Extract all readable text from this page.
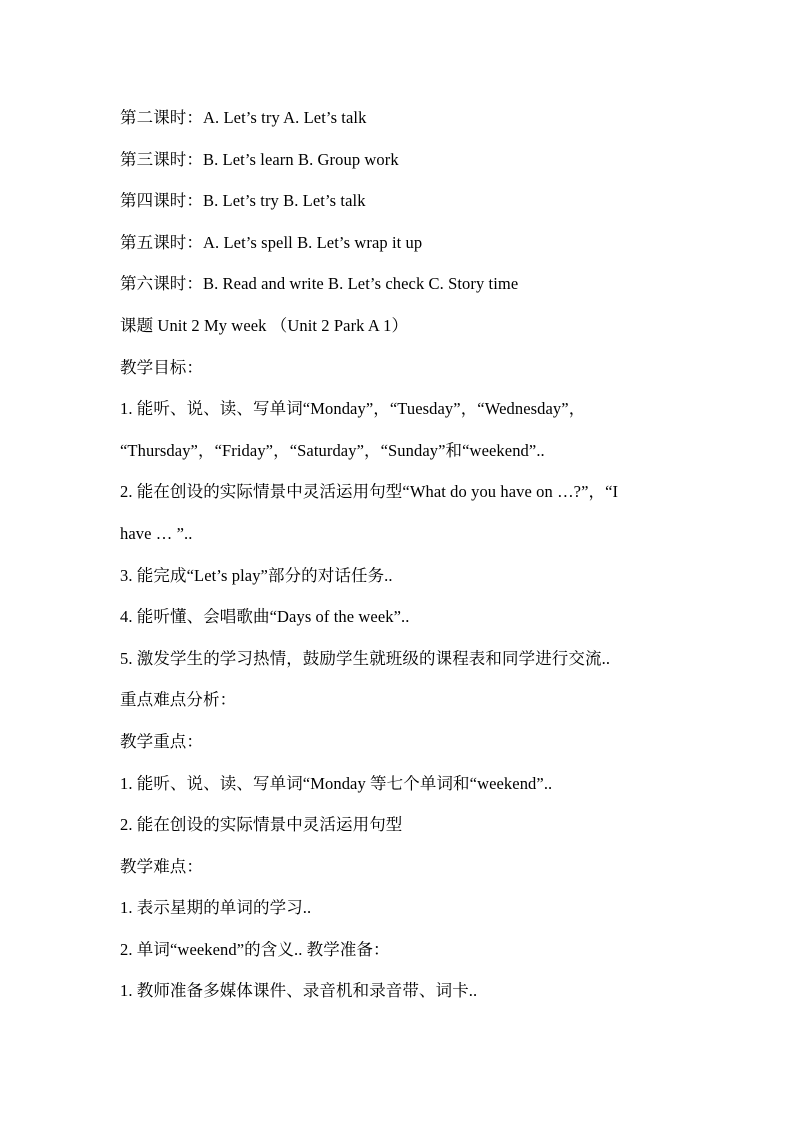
第二课时：A. Let’s try A. Let’s talk
第三课时：B. Let’s learn B. Group work
第四课时：B. Let’s try B. Let’s talk
第五课时：A. Let’s spell B. Let’s wrap it up
第六课时：B. Read and write B. Let’s check C. Story time
课题 Unit 2 My week （Unit 2 Park A 1）
教学目标：
1. 能听、说、读、写单词“Monday”，“Tuesday”，“Wednesday”，
“Thursday”，“Friday”，“Saturday”，“Sunday”和“weekend”..
2. 能在创设的实际情景中灵活运用句型“What do you have on …?”，“I
have … ”..
3. 能完成“Let’s play”部分的对话任务..
4. 能听懂、会唱歌曲“Days of the week”..
5. 激发学生的学习热情，鼓励学生就班级的课程表和同学进行交流..
重点难点分析：
教学重点：
1. 能听、说、读、写单词“Monday 等七个单词和“weekend”..
2. 能在创设的实际情景中灵活运用句型
教学难点：
1. 表示星期的单词的学习..
2. 单词“weekend”的含义.. 教学准备：
1. 教师准备多媒体课件、录音机和录音带、词卡..
